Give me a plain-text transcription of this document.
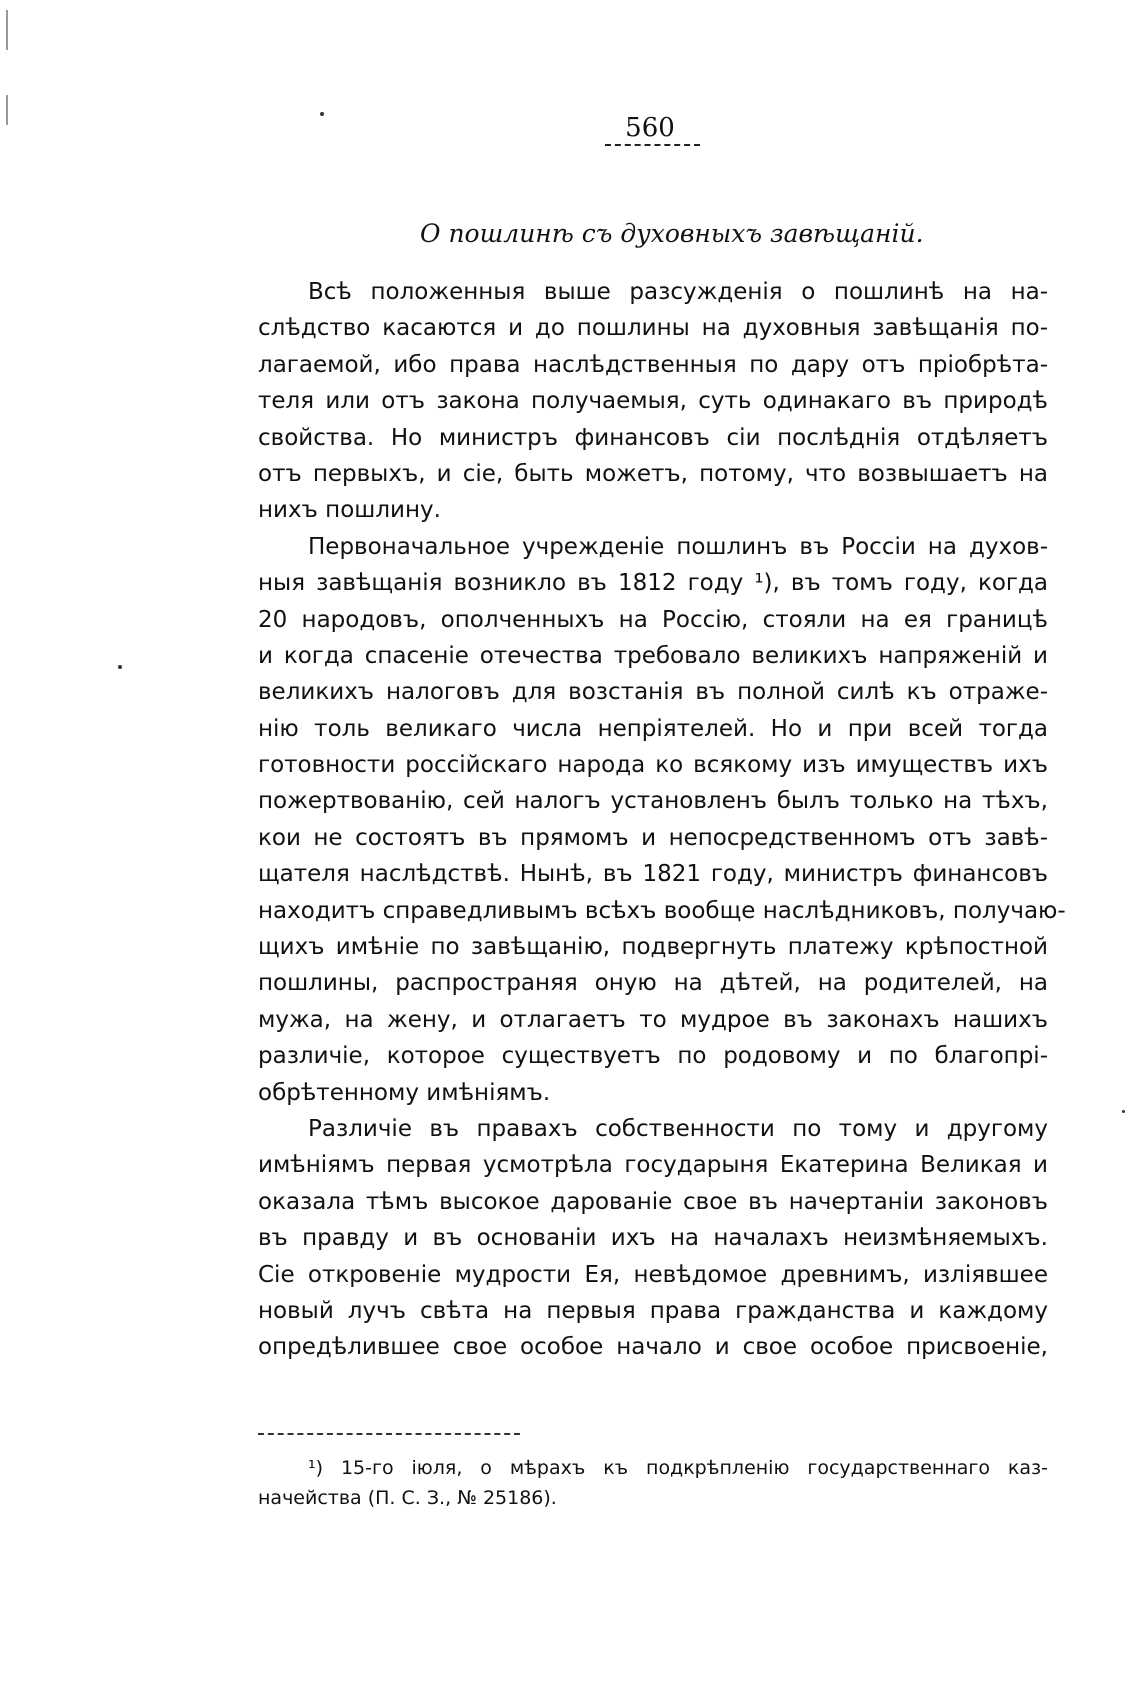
560
О пошлинѣ съ духовныхъ завѣщаній.
Всѣ положенныя выше разсужденія о пошлинѣ на на-
слѣдство касаются и до пошлины на духовныя завѣщанія по-
лагаемой, ибо права наслѣдственныя по дару отъ пріобрѣта-
теля или отъ закона получаемыя, суть одинакаго въ природѣ
свойства. Но министръ финансовъ сіи послѣднія отдѣляетъ
отъ первыхъ, и сіе, быть можетъ, потому, что возвышаетъ на
нихъ пошлину.
Первоначальное учрежденіе пошлинъ въ Россіи на духов-
ныя завѣщанія возникло въ 1812 году ¹), въ томъ году, когда
20 народовъ, ополченныхъ на Россію, стояли на ея границѣ
и когда спасеніе отечества требовало великихъ напряженій и
великихъ налоговъ для возстанія въ полной силѣ къ отраже-
нію толь великаго числа непріятелей. Но и при всей тогда
готовности россійскаго народа ко всякому изъ имуществъ ихъ
пожертвованію, сей налогъ установленъ былъ только на тѣхъ,
кои не состоятъ въ прямомъ и непосредственномъ отъ завѣ-
щателя наслѣдствѣ. Нынѣ, въ 1821 году, министръ финансовъ
находитъ справедливымъ всѣхъ вообще наслѣдниковъ, получаю-
щихъ имѣніе по завѣщанію, подвергнуть платежу крѣпостной
пошлины, распространяя оную на дѣтей, на родителей, на
мужа, на жену, и отлагаетъ то мудрое въ законахъ нашихъ
различіе, которое существуетъ по родовому и по благопрі-
обрѣтенному имѣніямъ.
Различіе въ правахъ собственности по тому и другому
имѣніямъ первая усмотрѣла государыня Екатерина Великая и
оказала тѣмъ высокое дарованіе свое въ начертаніи законовъ
въ правду и въ основаніи ихъ на началахъ неизмѣняемыхъ.
Сіе откровеніе мудрости Ея, невѣдомое древнимъ, изліявшее
новый лучъ свѣта на первыя права гражданства и каждому
опредѣлившее свое особое начало и свое особое присвоеніе,
¹) 15-го іюля, о мѣрахъ къ подкрѣпленію государственнаго каз-
начейства (П. С. З., № 25186).
